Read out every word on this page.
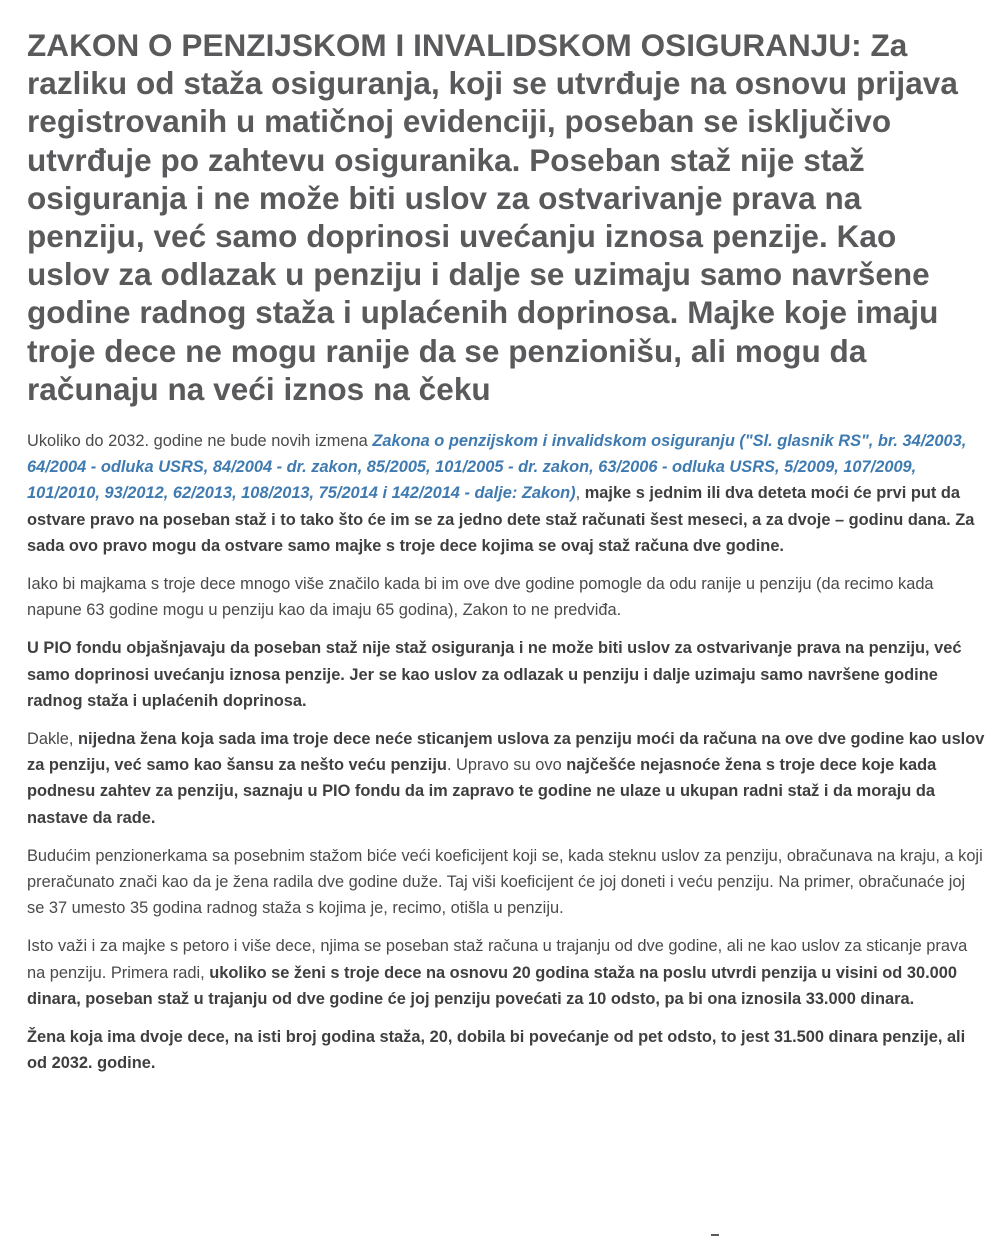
ZAKON O PENZIJSKOM I INVALIDSKOM OSIGURANJU: Za razliku od staža osiguranja, koji se utvrđuje na osnovu prijava registrovanih u matičnoj evidenciji, poseban se isključivo utvrđuje po zahtevu osiguranika. Poseban staž nije staž osiguranja i ne može biti uslov za ostvarivanje prava na penziju, već samo doprinosi uvećanju iznosa penzije. Kao uslov za odlazak u penziju i dalje se uzimaju samo navršene godine radnog staža i uplaćenih doprinosa. Majke koje imaju troje dece ne mogu ranije da se penzionišu, ali mogu da računaju na veći iznos na čeku

Ukoliko do 2032. godine ne bude novih izmena Zakona o penzijskom i invalidskom osiguranju ("Sl. glasnik RS", br. 34/2003, 64/2004 - odluka USRS, 84/2004 - dr. zakon, 85/2005, 101/2005 - dr. zakon, 63/2006 - odluka USRS, 5/2009, 107/2009, 101/2010, 93/2012, 62/2013, 108/2013, 75/2014 i 142/2014 - dalje: Zakon), majke s jednim ili dva deteta moći će prvi put da ostvare pravo na poseban staž i to tako što će im se za jedno dete staž računati šest meseci, a za dvoje – godinu dana. Za sada ovo pravo mogu da ostvare samo majke s troje dece kojima se ovaj staž računa dve godine.

Iako bi majkama s troje dece mnogo više značilo kada bi im ove dve godine pomogle da odu ranije u penziju (da recimo kada napune 63 godine mogu u penziju kao da imaju 65 godina), Zakon to ne predviđa.

U PIO fondu objašnjavaju da poseban staž nije staž osiguranja i ne može biti uslov za ostvarivanje prava na penziju, već samo doprinosi uvećanju iznosa penzije. Jer se kao uslov za odlazak u penziju i dalje uzimaju samo navršene godine radnog staža i uplaćenih doprinosa.

Dakle, nijedna žena koja sada ima troje dece neće sticanjem uslova za penziju moći da računa na ove dve godine kao uslov za penziju, već samo kao šansu za nešto veću penziju. Upravo su ovo najčešće nejasnoće žena s troje dece koje kada podnesu zahtev za penziju, saznaju u PIO fondu da im zapravo te godine ne ulaze u ukupan radni staž i da moraju da nastave da rade.

Budućim penzionerkama sa posebnim stažom biće veći koeficijent koji se, kada steknu uslov za penziju, obračunava na kraju, a koji preračunato znači kao da je žena radila dve godine duže. Taj viši koeficijent će joj doneti i veću penziju. Na primer, obračunaće joj se 37 umesto 35 godina radnog staža s kojima je, recimo, otišla u penziju.

Isto važi i za majke s petoro i više dece, njima se poseban staž računa u trajanju od dve godine, ali ne kao uslov za sticanje prava na penziju. Primera radi, ukoliko se ženi s troje dece na osnovu 20 godina staža na poslu utvrdi penzija u visini od 30.000 dinara, poseban staž u trajanju od dve godine će joj penziju povećati za 10 odsto, pa bi ona iznosila 33.000 dinara.

Žena koja ima dvoje dece, na isti broj godina staža, 20, dobila bi povećanje od pet odsto, to jest 31.500 dinara penzije, ali od 2032. godine.
